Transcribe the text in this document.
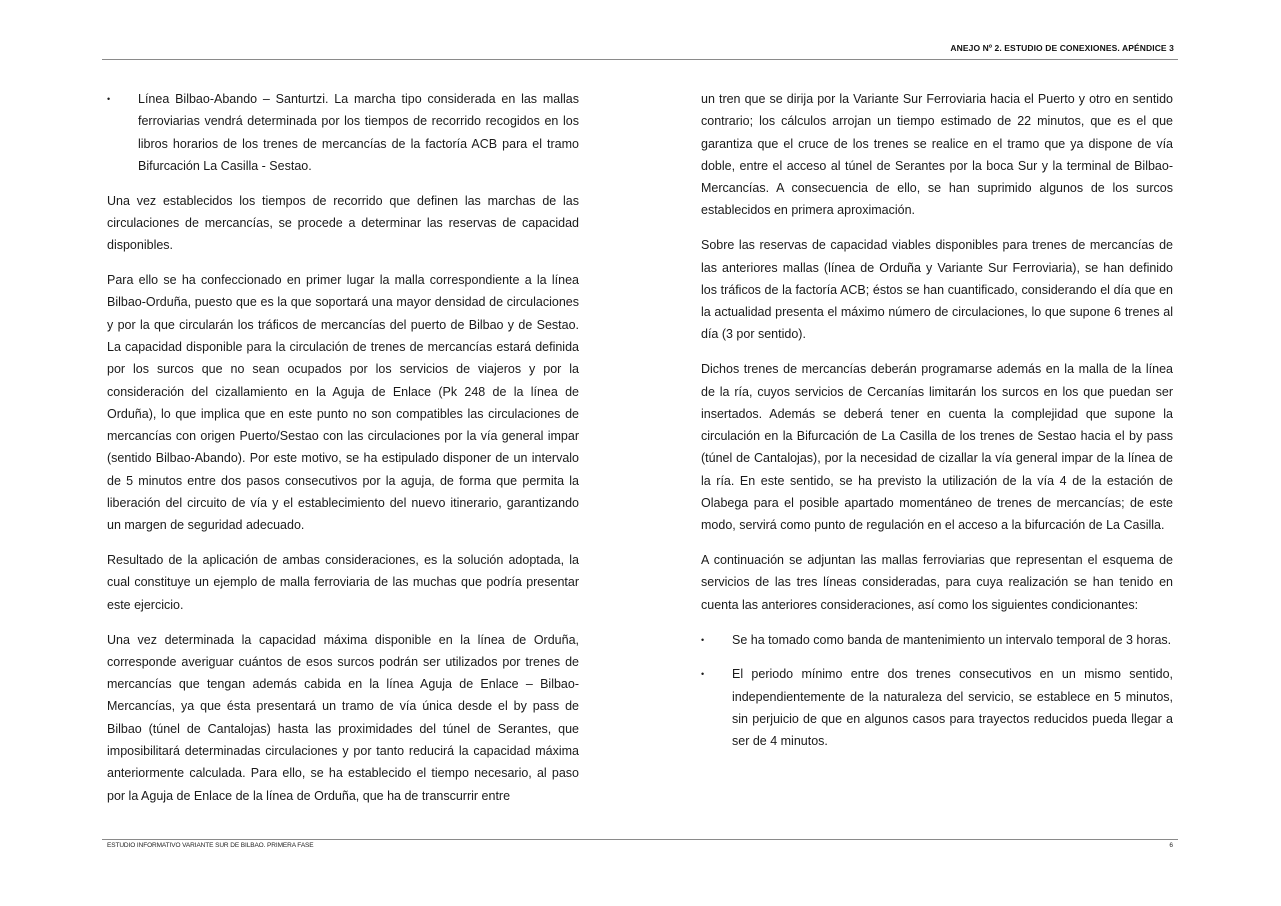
ANEJO Nº 2. ESTUDIO DE CONEXIONES. APÉNDICE 3
• Línea Bilbao-Abando – Santurtzi. La marcha tipo considerada en las mallas ferroviarias vendrá determinada por los tiempos de recorrido recogidos en los libros horarios de los trenes de mercancías de la factoría ACB para el tramo Bifurcación La Casilla - Sestao.

Una vez establecidos los tiempos de recorrido que definen las marchas de las circulaciones de mercancías, se procede a determinar las reservas de capacidad disponibles.

Para ello se ha confeccionado en primer lugar la malla correspondiente a la línea Bilbao-Orduña, puesto que es la que soportará una mayor densidad de circulaciones y por la que circularán los tráficos de mercancías del puerto de Bilbao y de Sestao. La capacidad disponible para la circulación de trenes de mercancías estará definida por los surcos que no sean ocupados por los servicios de viajeros y por la consideración del cizallamiento en la Aguja de Enlace (Pk 248 de la línea de Orduña), lo que implica que en este punto no son compatibles las circulaciones de mercancías con origen Puerto/Sestao con las circulaciones por la vía general impar (sentido Bilbao-Abando). Por este motivo, se ha estipulado disponer de un intervalo de 5 minutos entre dos pasos consecutivos por la aguja, de forma que permita la liberación del circuito de vía y el establecimiento del nuevo itinerario, garantizando un margen de seguridad adecuado.

Resultado de la aplicación de ambas consideraciones, es la solución adoptada, la cual constituye un ejemplo de malla ferroviaria de las muchas que podría presentar este ejercicio.

Una vez determinada la capacidad máxima disponible en la línea de Orduña, corresponde averiguar cuántos de esos surcos podrán ser utilizados por trenes de mercancías que tengan además cabida en la línea Aguja de Enlace – Bilbao-Mercancías, ya que ésta presentará un tramo de vía única desde el by pass de Bilbao (túnel de Cantalojas) hasta las proximidades del túnel de Serantes, que imposibilitará determinadas circulaciones y por tanto reducirá la capacidad máxima anteriormente calculada. Para ello, se ha establecido el tiempo necesario, al paso por la Aguja de Enlace de la línea de Orduña, que ha de transcurrir entre

un tren que se dirija por la Variante Sur Ferroviaria hacia el Puerto y otro en sentido contrario; los cálculos arrojan un tiempo estimado de 22 minutos, que es el que garantiza que el cruce de los trenes se realice en el tramo que ya dispone de vía doble, entre el acceso al túnel de Serantes por la boca Sur y la terminal de Bilbao-Mercancías. A consecuencia de ello, se han suprimido algunos de los surcos establecidos en primera aproximación.

Sobre las reservas de capacidad viables disponibles para trenes de mercancías de las anteriores mallas (línea de Orduña y Variante Sur Ferroviaria), se han definido los tráficos de la factoría ACB; éstos se han cuantificado, considerando el día que en la actualidad presenta el máximo número de circulaciones, lo que supone 6 trenes al día (3 por sentido).

Dichos trenes de mercancías deberán programarse además en la malla de la línea de la ría, cuyos servicios de Cercanías limitarán los surcos en los que puedan ser insertados. Además se deberá tener en cuenta la complejidad que supone la circulación en la Bifurcación de La Casilla de los trenes de Sestao hacia el by pass (túnel de Cantalojas), por la necesidad de cizallar la vía general impar de la línea de la ría. En este sentido, se ha previsto la utilización de la vía 4 de la estación de Olabega para el posible apartado momentáneo de trenes de mercancías; de este modo, servirá como punto de regulación en el acceso a la bifurcación de La Casilla.

A continuación se adjuntan las mallas ferroviarias que representan el esquema de servicios de las tres líneas consideradas, para cuya realización se han tenido en cuenta las anteriores consideraciones, así como los siguientes condicionantes:

• Se ha tomado como banda de mantenimiento un intervalo temporal de 3 horas.
• El periodo mínimo entre dos trenes consecutivos en un mismo sentido, independientemente de la naturaleza del servicio, se establece en 5 minutos, sin perjuicio de que en algunos casos para trayectos reducidos pueda llegar a ser de 4 minutos.
ESTUDIO INFORMATIVO VARIANTE SUR DE BILBAO. PRIMERA FASE	6
